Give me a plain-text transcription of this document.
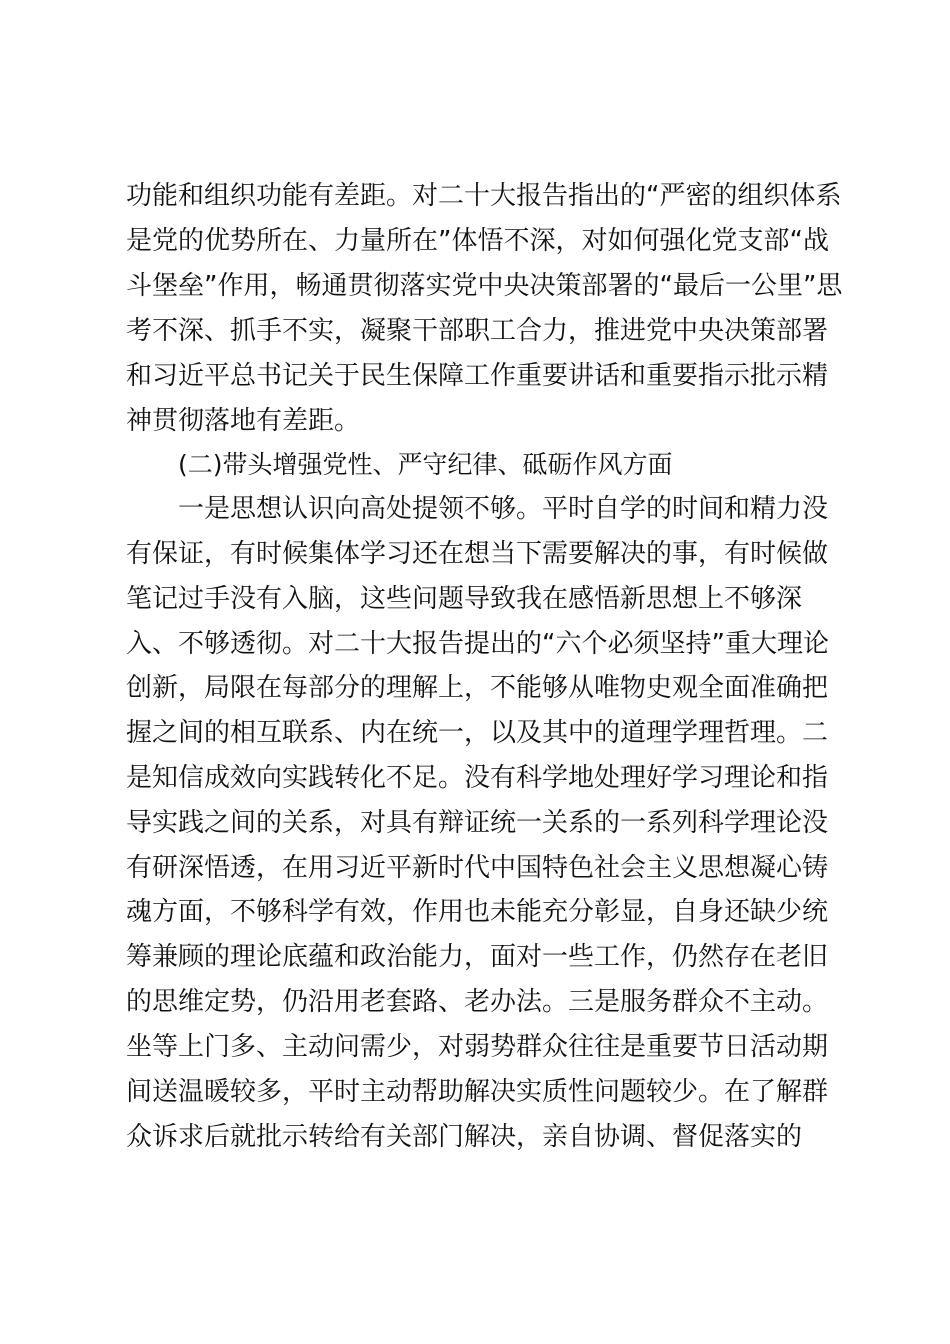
功能和组织功能有差距。对二十大报告指出的“严密的组织体系
是党的优势所在、力量所在”体悟不深，对如何强化党支部“战
斗堡垒”作用，畅通贯彻落实党中央决策部署的“最后一公里”思
考不深、抓手不实，凝聚干部职工合力，推进党中央决策部署
和习近平总书记关于民生保障工作重要讲话和重要指示批示精
神贯彻落地有差距。
(二)带头增强党性、严守纪律、砥砺作风方面
一是思想认识向高处提领不够。平时自学的时间和精力没
有保证，有时候集体学习还在想当下需要解决的事，有时候做
笔记过手没有入脑，这些问题导致我在感悟新思想上不够深
入、不够透彻。对二十大报告提出的“六个必须坚持”重大理论
创新，局限在每部分的理解上，不能够从唯物史观全面准确把
握之间的相互联系、内在统一，以及其中的道理学理哲理。二
是知信成效向实践转化不足。没有科学地处理好学习理论和指
导实践之间的关系，对具有辩证统一关系的一系列科学理论没
有研深悟透，在用习近平新时代中国特色社会主义思想凝心铸
魂方面，不够科学有效，作用也未能充分彰显，自身还缺少统
筹兼顾的理论底蕴和政治能力，面对一些工作，仍然存在老旧
的思维定势，仍沿用老套路、老办法。三是服务群众不主动。
坐等上门多、主动问需少，对弱势群众往往是重要节日活动期
间送温暖较多，平时主动帮助解决实质性问题较少。在了解群
众诉求后就批示转给有关部门解决，亲自协调、督促落实的
